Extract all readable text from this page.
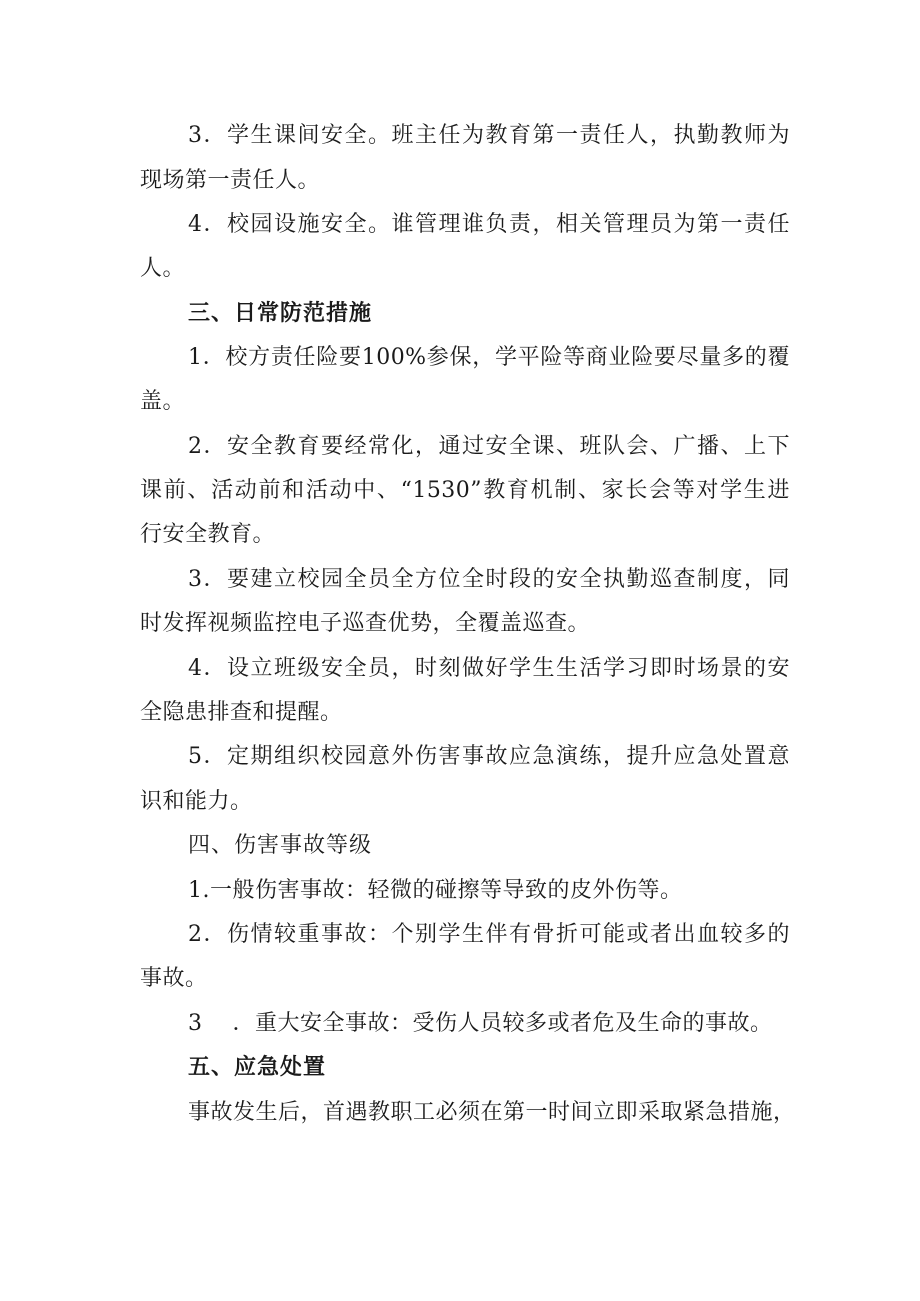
3．学生课间安全。班主任为教育第一责任人，执勤教师为
现场第一责任人。
4．校园设施安全。谁管理谁负责，相关管理员为第一责任
人。
三、日常防范措施
1．校方责任险要100%参保，学平险等商业险要尽量多的覆
盖。
2．安全教育要经常化，通过安全课、班队会、广播、上下
课前、活动前和活动中、“1530”教育机制、家长会等对学生进
行安全教育。
3．要建立校园全员全方位全时段的安全执勤巡查制度，同
时发挥视频监控电子巡查优势，全覆盖巡查。
4．设立班级安全员，时刻做好学生生活学习即时场景的安
全隐患排查和提醒。
5．定期组织校园意外伤害事故应急演练，提升应急处置意
识和能力。
四、伤害事故等级
1.一般伤害事故：轻微的碰擦等导致的皮外伤等。
2．伤情较重事故：个别学生伴有骨折可能或者出血较多的
事故。
3    ．重大安全事故：受伤人员较多或者危及生命的事故。
五、应急处置
事故发生后，首遇教职工必须在第一时间立即采取紧急措施，
